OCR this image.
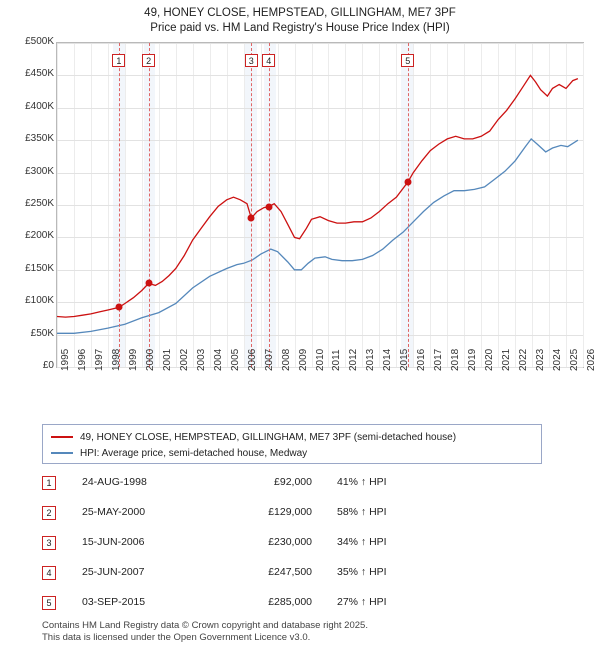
49, HONEY CLOSE, HEMPSTEAD, GILLINGHAM, ME7 3PF
Price paid vs. HM Land Registry's House Price Index (HPI)
1	2	3	4	5
49, HONEY CLOSE, HEMPSTEAD, GILLINGHAM, ME7 3PF (semi-detached house)
HPI: Average price, semi-detached house, Medway
1	24-AUG-1998	£92,000 41% ↑ HPI
2	25-MAY-2000	£129,000 58% ↑ HPI
3	15-JUN-2006	£230,000 34% ↑ HPI
4	25-JUN-2007	£247,500 35% ↑ HPI
5	03-SEP-2015	£285,000 27% ↑ HPI
Contains HM Land Registry data © Crown copyright and database right 2025.
This data is licensed under the Open Government Licence v3.0.
1995 1996 1997 1998 1999 2000 2001 2002 2003 2004 2005 2006 2007 2008 2009 2010 2011 2012 2013 2014 2015 2016 2017 2018 2019 2020 2021 2022 2023 2024 2025 2026
£0
£50K
£100K
£150K
£200K
£250K
£300K
£350K
£400K
£450K
£500K
